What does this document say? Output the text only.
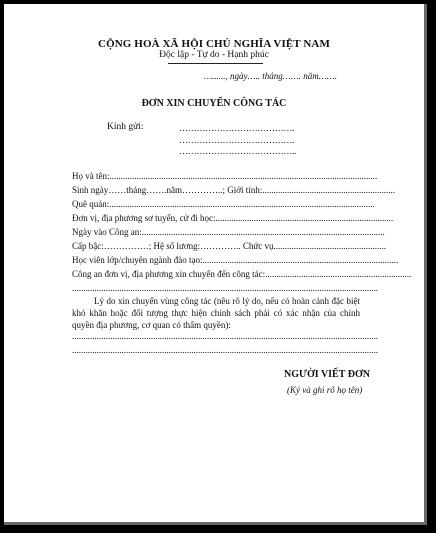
CỘNG HOÀ XÃ HỘI CHỦ NGHĨA VIỆT NAM
Độc lập - Tự do - Hạnh phúc
…......, ngày….. tháng……. năm…….
ĐƠN XIN CHUYỂN CÔNG TÁC
Kính gửi:	………………………………….
………………………………….
…………………………………..
Họ và tên:.......................................................................................................................
Sinh ngày……tháng…….năm…………..; Giới tính:...........................................................
Quê quán:......................................................................................................................
Đơn vị, địa phương sơ tuyển, cử đi học:...............................................................................
Ngày vào Công an:............................................................................................................
Cấp bậc:……………; Hệ số lương:………….. Chức vụ..................................................
Học viên lớp/chuyên ngành đào tạo:.......................................................................................
Công an đơn vị, địa phương xin chuyển đến công tác:.................................................................
........................................................................................................................................
Lý do xin chuyển vùng công tác (nêu rõ lý do, nếu có hoàn cảnh đặc biệt khó khăn hoặc đối tượng thực hiện chính sách phải có xác nhận của chính quyền địa phương, cơ quan có thẩm quyền):
........................................................................................................................................
........................................................................................................................................
NGƯỜI VIẾT ĐƠN
(Ký và ghi rõ họ tên)
